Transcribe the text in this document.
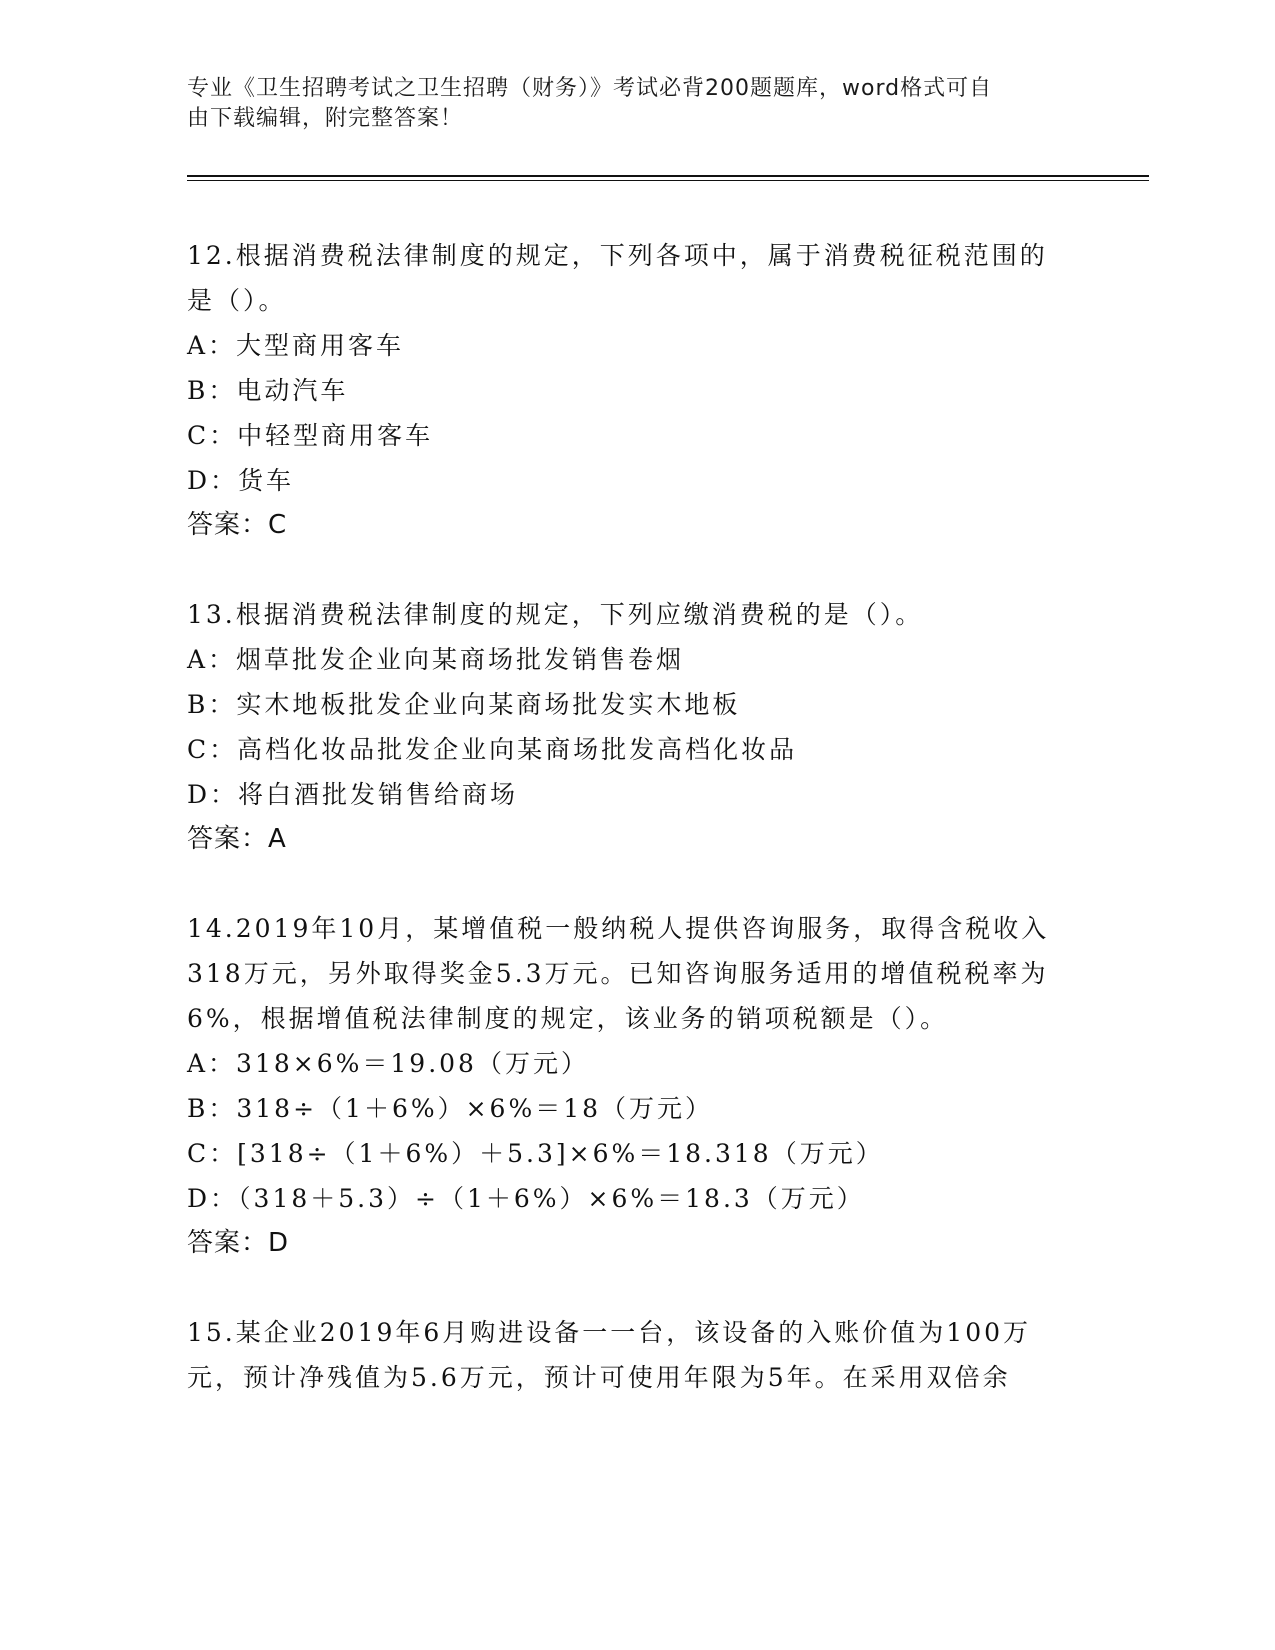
专业《卫生招聘考试之卫生招聘（财务）》考试必背200题题库，word格式可自
由下载编辑，附完整答案！
12.根据消费税法律制度的规定，下列各项中，属于消费税征税范围的
是（）。
A：大型商用客车
B：电动汽车
C：中轻型商用客车
D：货车
答案：C
13.根据消费税法律制度的规定，下列应缴消费税的是（）。
A：烟草批发企业向某商场批发销售卷烟
B：实木地板批发企业向某商场批发实木地板
C：高档化妆品批发企业向某商场批发高档化妆品
D：将白酒批发销售给商场
答案：A
14.2019年10月，某增值税一般纳税人提供咨询服务，取得含税收入
318万元，另外取得奖金5.3万元。已知咨询服务适用的增值税税率为
6%，根据增值税法律制度的规定，该业务的销项税额是（）。
A：318×6%＝19.08（万元）
B：318÷（1＋6%）×6%＝18（万元）
C：[318÷（1＋6%）＋5.3]×6%＝18.318（万元）
D：（318＋5.3）÷（1＋6%）×6%＝18.3（万元）
答案：D
15.某企业2019年6月购进设备一一台，该设备的入账价值为100万
元，预计净残值为5.6万元，预计可使用年限为5年。在采用双倍余
